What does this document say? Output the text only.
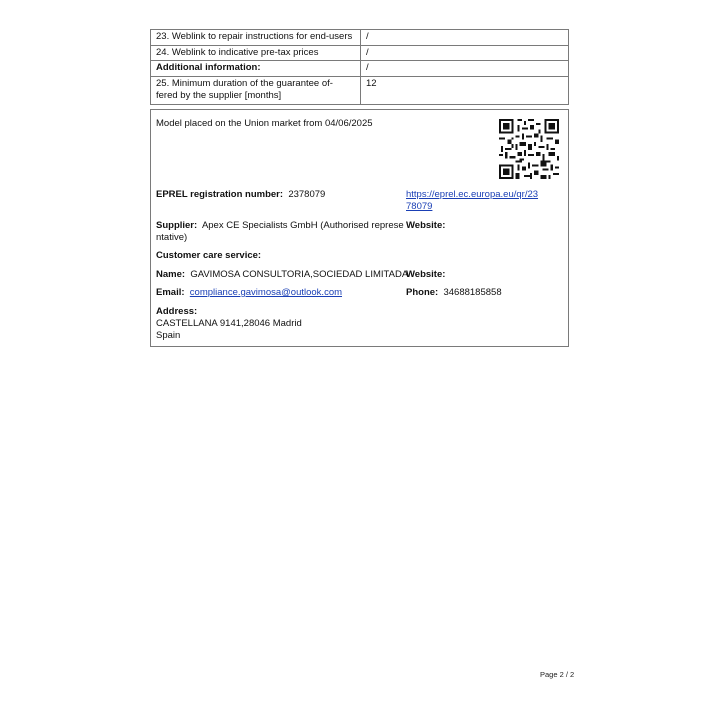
23. Weblink to repair instructions for end-users	/
24. Weblink to indicative pre-tax prices	/
Additional information:	/

25. Minimum duration of the guarantee of-
fered by the supplier [months]	12
Model placed on the Union market from 04/06/2025
EPREL registration number: 2378079	https://eprel.ec.europa.eu/qr/23
78079
Supplier: Apex CE Specialists GmbH (Authorised represe
ntative)
Website:
Customer care service:
Name: GAVIMOSA CONSULTORIA,SOCIEDAD LIMITADA
Website:
Email: compliance.gavimosa@outlook.com	Phone: 34688185858
Address:
CASTELLANA 9141,28046 Madrid
Spain
Page 2 / 2
